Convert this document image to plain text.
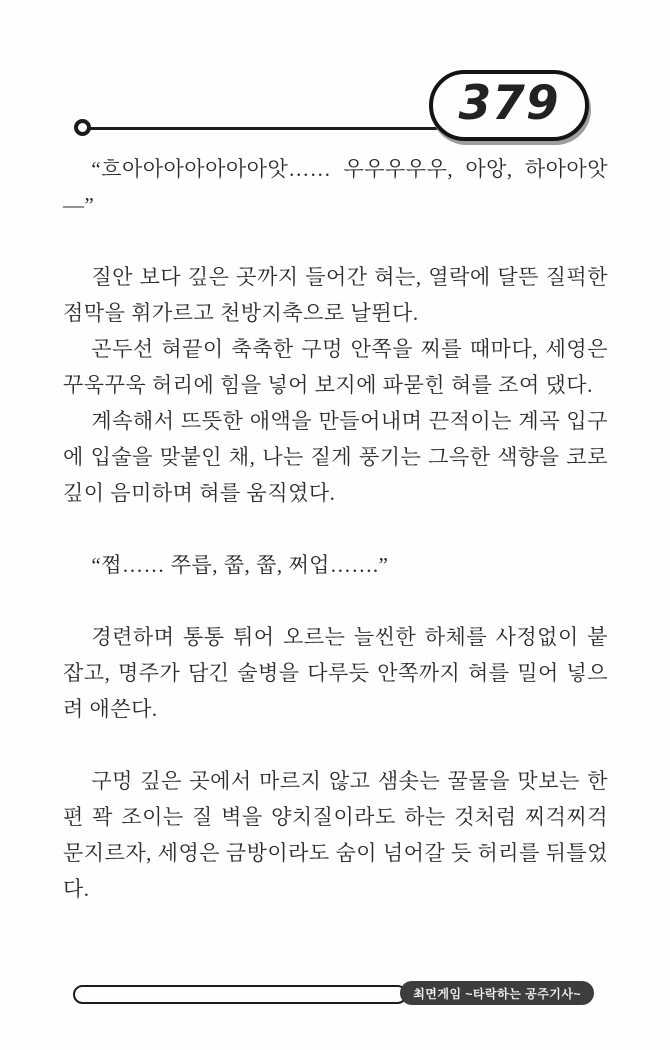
379

“흐아아아아아아아앗…… 우우우우우, 아앙, 하아아앗—”

질안 보다 깊은 곳까지 들어간 혀는, 열락에 달뜬 질퍽한 점막을 휘가르고 천방지축으로 날뛴다.

곤두선 혀끝이 축축한 구멍 안쪽을 찌를 때마다, 세영은 꾸욱꾸욱 허리에 힘을 넣어 보지에 파묻힌 혀를 조여 댔다.

계속해서 뜨뜻한 애액을 만들어내며 끈적이는 계곡 입구에 입술을 맞붙인 채, 나는 짙게 풍기는 그윽한 색향을 코로 깊이 음미하며 혀를 움직였다.

“쩝…… 쭈릅, 쭙, 쭙, 쩌업…….”

경련하며 통통 튀어 오르는 늘씬한 하체를 사정없이 붙잡고, 명주가 담긴 술병을 다루듯 안쪽까지 혀를 밀어 넣으려 애쓴다.

구멍 깊은 곳에서 마르지 않고 샘솟는 꿀물을 맛보는 한편 꽉 조이는 질 벽을 양치질이라도 하는 것처럼 찌걱찌걱 문지르자, 세영은 금방이라도 숨이 넘어갈 듯 허리를 뒤틀었다.

최면게임 ~타락하는 공주기사~
